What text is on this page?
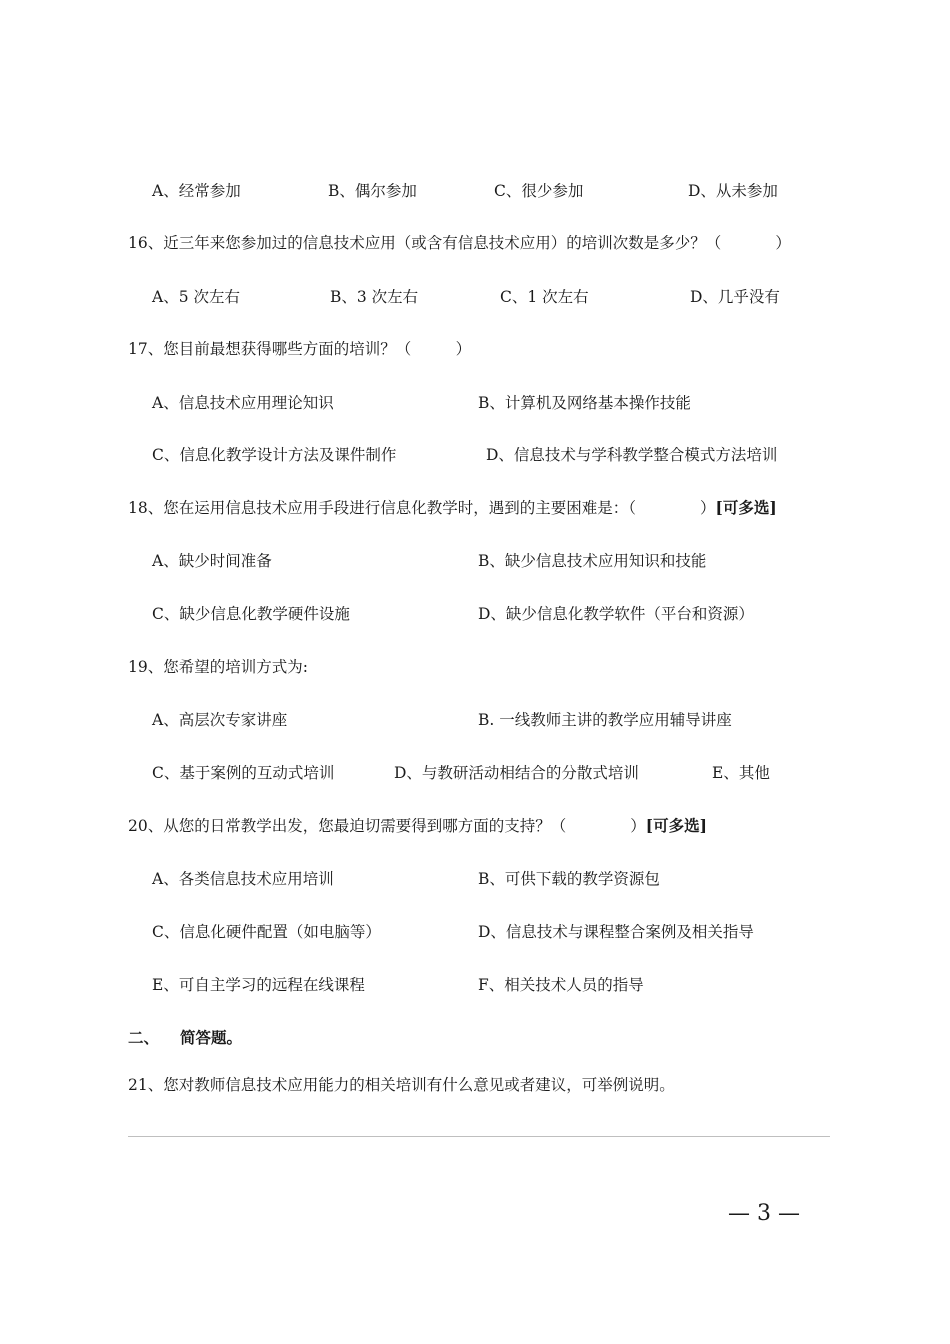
A、经常参加	B、偶尔参加	C、很少参加	D、从未参加
16、近三年来您参加过的信息技术应用（或含有信息技术应用）的培训次数是多少？（           ）
A、5 次左右	B、3 次左右	C、1 次左右	D、几乎没有
17、您目前最想获得哪些方面的培训？（         ）
A、信息技术应用理论知识	B、计算机及网络基本操作技能
C、信息化教学设计方法及课件制作	D、信息技术与学科教学整合模式方法培训
18、您在运用信息技术应用手段进行信息化教学时，遇到的主要困难是：（             ）[可多选]
A、缺少时间准备	B、缺少信息技术应用知识和技能
C、缺少信息化教学硬件设施	D、缺少信息化教学软件（平台和资源）
19、您希望的培训方式为:
A、高层次专家讲座	B. 一线教师主讲的教学应用辅导讲座
C、基于案例的互动式培训	D、与教研活动相结合的分散式培训	E、其他
20、从您的日常教学出发，您最迫切需要得到哪方面的支持？（             ）[可多选]
A、各类信息技术应用培训	B、可供下载的教学资源包
C、信息化硬件配置（如电脑等）	D、信息技术与课程整合案例及相关指导
E、可自主学习的远程在线课程	F、相关技术人员的指导
二、 简答题。
21、您对教师信息技术应用能力的相关培训有什么意见或者建议，可举例说明。
— 3 —
